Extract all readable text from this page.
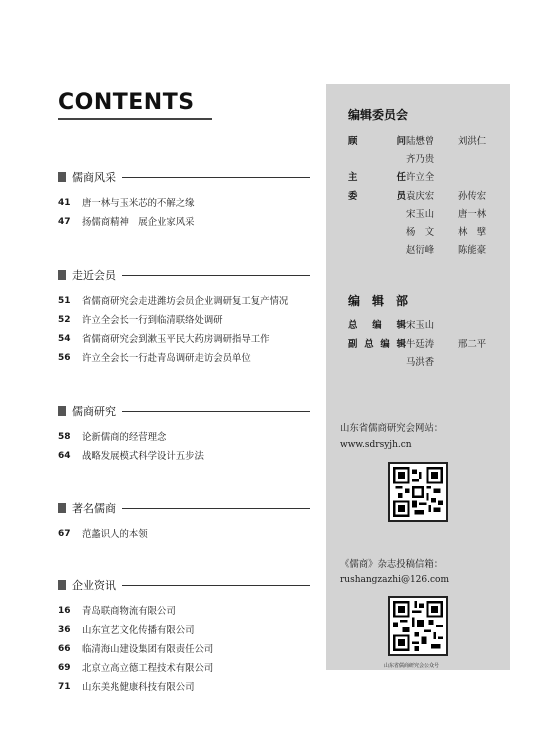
CONTENTS
儒商风采
41	唐一林与玉米芯的不解之缘
47	扬儒商精神　展企业家风采
走近会员
51	省儒商研究会走进潍坊会员企业调研复工复产情况
52	许立全会长一行到临清联络处调研
54	省儒商研究会到漱玉平民大药房调研指导工作
56	许立全会长一行赴青岛调研走访会员单位
儒商研究
58	论新儒商的经营理念
64	战略发展模式科学设计五步法
著名儒商
67	范蠡识人的本领
企业资讯
16	青岛联商物流有限公司
36	山东宣艺文化传播有限公司
66	临清海山建设集团有限责任公司
69	北京立高立德工程技术有限公司
71	山东美兆健康科技有限公司
编辑委员会
顾　　问 陆懋曾	刘洪仁
齐乃贵
主　　任 许立全
委　　员 袁庆宏	孙传宏
宋玉山	唐一林
杨　文	林　擘
赵衍峰	陈能豪
编　辑　部
总 编 辑 宋玉山
副总编辑 牛廷涛	邢二平
马洪香
山东省儒商研究会网站：
www.sdrsyjh.cn
《儒商》杂志投稿信箱：
rushangzazhi@126.com
山东省儒商研究会公众号
